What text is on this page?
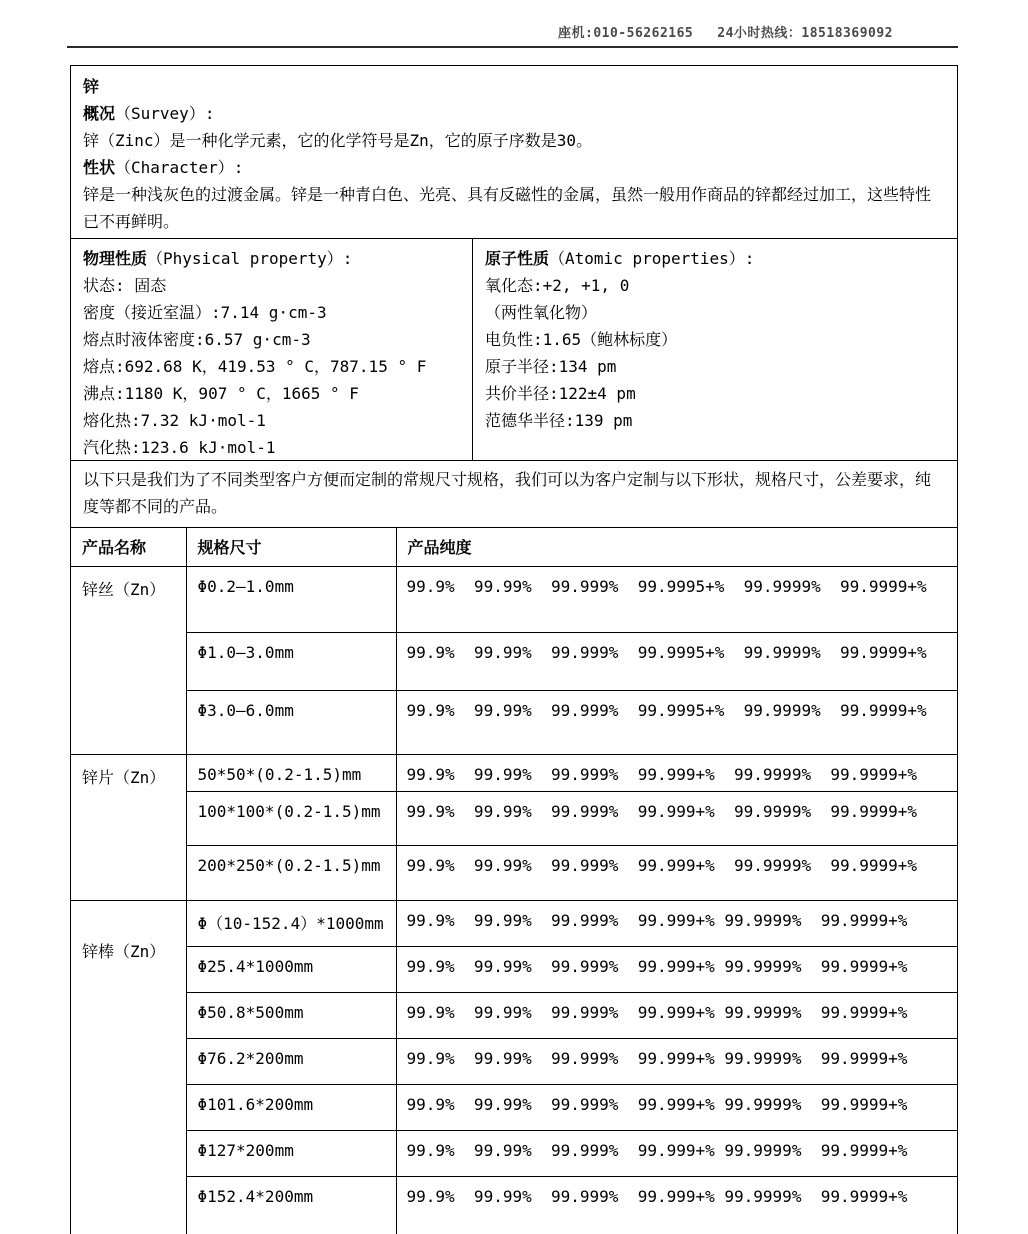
座机:010-56262165 24小时热线：18518369092
锌
概况（Survey）:
锌（Zinc）是一种化学元素，它的化学符号是Zn，它的原子序数是30。
性状（Character）:
锌是一种浅灰色的过渡金属。锌是一种青白色、光亮、具有反磁性的金属，虽然一般用作商品的锌都经过加工，这些特性已不再鲜明。
物理性质（Physical property）:
状态: 固态
密度（接近室温）:7.14 g·cm-3
熔点时液体密度:6.57 g·cm-3
熔点:692.68 K，419.53 ° C，787.15 ° F
沸点:1180 K，907 ° C，1665 ° F
熔化热:7.32 kJ·mol-1
汽化热:123.6 kJ·mol-1
原子性质（Atomic properties）:
氧化态:+2, +1, 0
（两性氧化物）
电负性:1.65（鲍林标度）
原子半径:134 pm
共价半径:122±4 pm
范德华半径:139 pm
以下只是我们为了不同类型客户方便而定制的常规尺寸规格，我们可以为客户定制与以下形状，规格尺寸，公差要求，纯度等都不同的产品。
产品名称	规格尺寸	产品纯度
锌丝（Zn）	Φ0.2—1.0mm	99.9%  99.99%  99.999%  99.9995+%  99.9999%  99.9999+%
	Φ1.0—3.0mm	99.9%  99.99%  99.999%  99.9995+%  99.9999%  99.9999+%
	Φ3.0—6.0mm	99.9%  99.99%  99.999%  99.9995+%  99.9999%  99.9999+%
锌片（Zn）	50*50*(0.2-1.5)mm	99.9%  99.99%  99.999%  99.999+%  99.9999%  99.9999+%
	100*100*(0.2-1.5)mm	99.9%  99.99%  99.999%  99.999+%  99.9999%  99.9999+%
	200*250*(0.2-1.5)mm	99.9%  99.99%  99.999%  99.999+%  99.9999%  99.9999+%
锌棒（Zn）	Φ（10-152.4）*1000mm	99.9%  99.99%  99.999%  99.999+% 99.9999%  99.9999+%
	Φ25.4*1000mm	99.9%  99.99%  99.999%  99.999+% 99.9999%  99.9999+%
	Φ50.8*500mm	99.9%  99.99%  99.999%  99.999+% 99.9999%  99.9999+%
	Φ76.2*200mm	99.9%  99.99%  99.999%  99.999+% 99.9999%  99.9999+%
	Φ101.6*200mm	99.9%  99.99%  99.999%  99.999+% 99.9999%  99.9999+%
	Φ127*200mm	99.9%  99.99%  99.999%  99.999+% 99.9999%  99.9999+%
	Φ152.4*200mm	99.9%  99.99%  99.999%  99.999+% 99.9999%  99.9999+%
